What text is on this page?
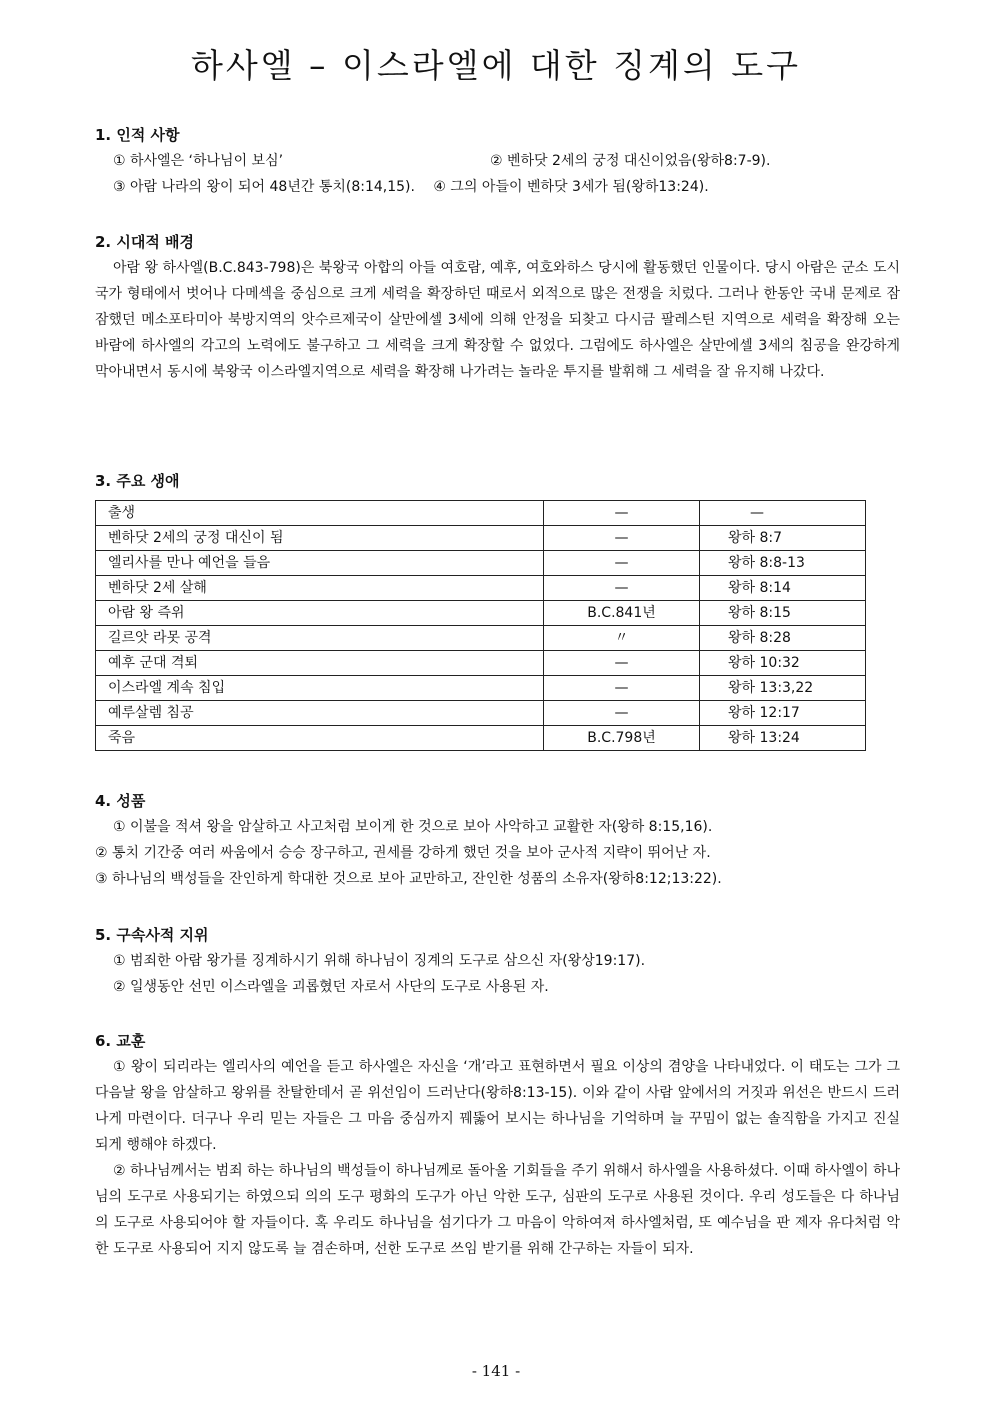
하사엘 – 이스라엘에 대한 징계의 도구
1. 인적 사항
① 하사엘은 ‘하나님이 보심’	② 벤하닷 2세의 궁정 대신이었음(왕하8:7-9).
③ 아람 나라의 왕이 되어 48년간 통치(8:14,15). ④ 그의 아들이 벤하닷 3세가 됨(왕하13:24).
2. 시대적 배경
아람 왕 하사엘(B.C.843-798)은 북왕국 아합의 아들 여호람, 예후, 여호와하스 당시에 활동했던 인물이다. 당시 아람은 군소 도시국가 형태에서 벗어나 다메섹을 중심으로 크게 세력을 확장하던 때로서 외적으로 많은 전쟁을 치렀다. 그러나 한동안 국내 문제로 잠잠했던 메소포타미아 북방지역의 앗수르제국이 살만에셀 3세에 의해 안정을 되찾고 다시금 팔레스틴 지역으로 세력을 확장해 오는 바람에 하사엘의 각고의 노력에도 불구하고 그 세력을 크게 확장할 수 없었다. 그럼에도 하사엘은 살만에셀 3세의 침공을 완강하게 막아내면서 동시에 북왕국 이스라엘지역으로 세력을 확장해 나가려는 놀라운 투지를 발휘해 그 세력을 잘 유지해 나갔다.
3. 주요 생애
출생	—	—
벤하닷 2세의 궁정 대신이 됨	—	왕하 8:7
엘리사를 만나 예언을 들음	—	왕하 8:8-13
벤하닷 2세 살해	—	왕하 8:14
아람 왕 즉위	B.C.841년	왕하 8:15
길르앗 라못 공격	〃	왕하 8:28
예후 군대 격퇴	—	왕하 10:32
이스라엘 계속 침입	—	왕하 13:3,22
예루살렘 침공	—	왕하 12:17
죽음	B.C.798년	왕하 13:24
4. 성품
① 이불을 적셔 왕을 암살하고 사고처럼 보이게 한 것으로 보아 사악하고 교활한 자(왕하 8:15,16).
② 통치 기간중 여러 싸움에서 승승 장구하고, 권세를 강하게 했던 것을 보아 군사적 지략이 뛰어난 자.
③ 하나님의 백성들을 잔인하게 학대한 것으로 보아 교만하고, 잔인한 성품의 소유자(왕하8:12;13:22).
5. 구속사적 지위
① 범죄한 아람 왕가를 징계하시기 위해 하나님이 징계의 도구로 삼으신 자(왕상19:17).
② 일생동안 선민 이스라엘을 괴롭혔던 자로서 사단의 도구로 사용된 자.
6. 교훈
① 왕이 되리라는 엘리사의 예언을 듣고 하사엘은 자신을 ‘개’라고 표현하면서 필요 이상의 겸양을 나타내었다. 이 태도는 그가 그 다음날 왕을 암살하고 왕위를 찬탈한데서 곧 위선임이 드러난다(왕하8:13-15). 이와 같이 사람 앞에서의 거짓과 위선은 반드시 드러나게 마련이다. 더구나 우리 믿는 자들은 그 마음 중심까지 꿰뚫어 보시는 하나님을 기억하며 늘 꾸밈이 없는 솔직함을 가지고 진실 되게 행해야 하겠다.
② 하나님께서는 범죄 하는 하나님의 백성들이 하나님께로 돌아올 기회들을 주기 위해서 하사엘을 사용하셨다. 이때 하사엘이 하나님의 도구로 사용되기는 하였으되 의의 도구 평화의 도구가 아닌 악한 도구, 심판의 도구로 사용된 것이다. 우리 성도들은 다 하나님의 도구로 사용되어야 할 자들이다. 혹 우리도 하나님을 섬기다가 그 마음이 악하여져 하사엘처럼, 또 예수님을 판 제자 유다처럼 악한 도구로 사용되어 지지 않도록 늘 겸손하며, 선한 도구로 쓰임 받기를 위해 간구하는 자들이 되자.
- 141 -
